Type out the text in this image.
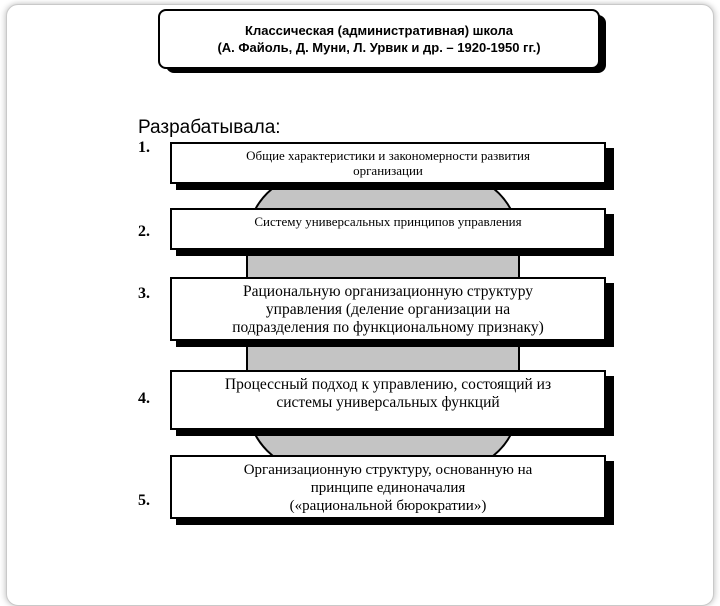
Классическая (административная) школа
(А. Файоль, Д. Муни, Л. Урвик и др. – 1920-1950 гг.)
Разрабатывала:
1.	Общие характеристики и закономерности развития
организации
2.
Систему универсальных принципов управления
3.	Рациональную организационную структуру
управления (деление организации на
подразделения по функциональному признаку)
4.
Процессный подход к управлению, состоящий из
системы универсальных функций
5.
Организационную структуру, основанную на
принципе единоначалия
(«рациональной бюрократии»)
